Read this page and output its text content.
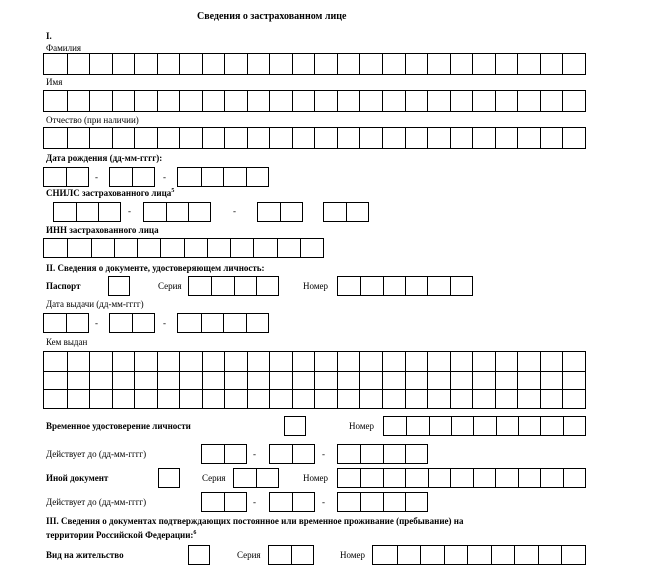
Сведения о застрахованном лице
I.
Фамилия
Имя
Отчество (при наличии)
Дата рождения (дд-мм-гггг):
-	-
СНИЛС застрахованного лица$^5$
-	-
ИНН застрахованного лица
II. Сведения о документе, удостоверяющем личность:
Паспорт	Серия	Номер
Дата выдачи (дд-мм-гггг)
-	-
Кем выдан
Временное удостоверение личности	Номер
Действует до (дд-мм-гггг)	-	-
Иной документ	Серия	Номер
Действует до (дд-мм-гггг)	-	-
III. Сведения о документах подтверждающих постоянное или временное проживание (пребывание) на
территории Российской Федерации:$^6$
Вид на жительство	Серия	Номер
